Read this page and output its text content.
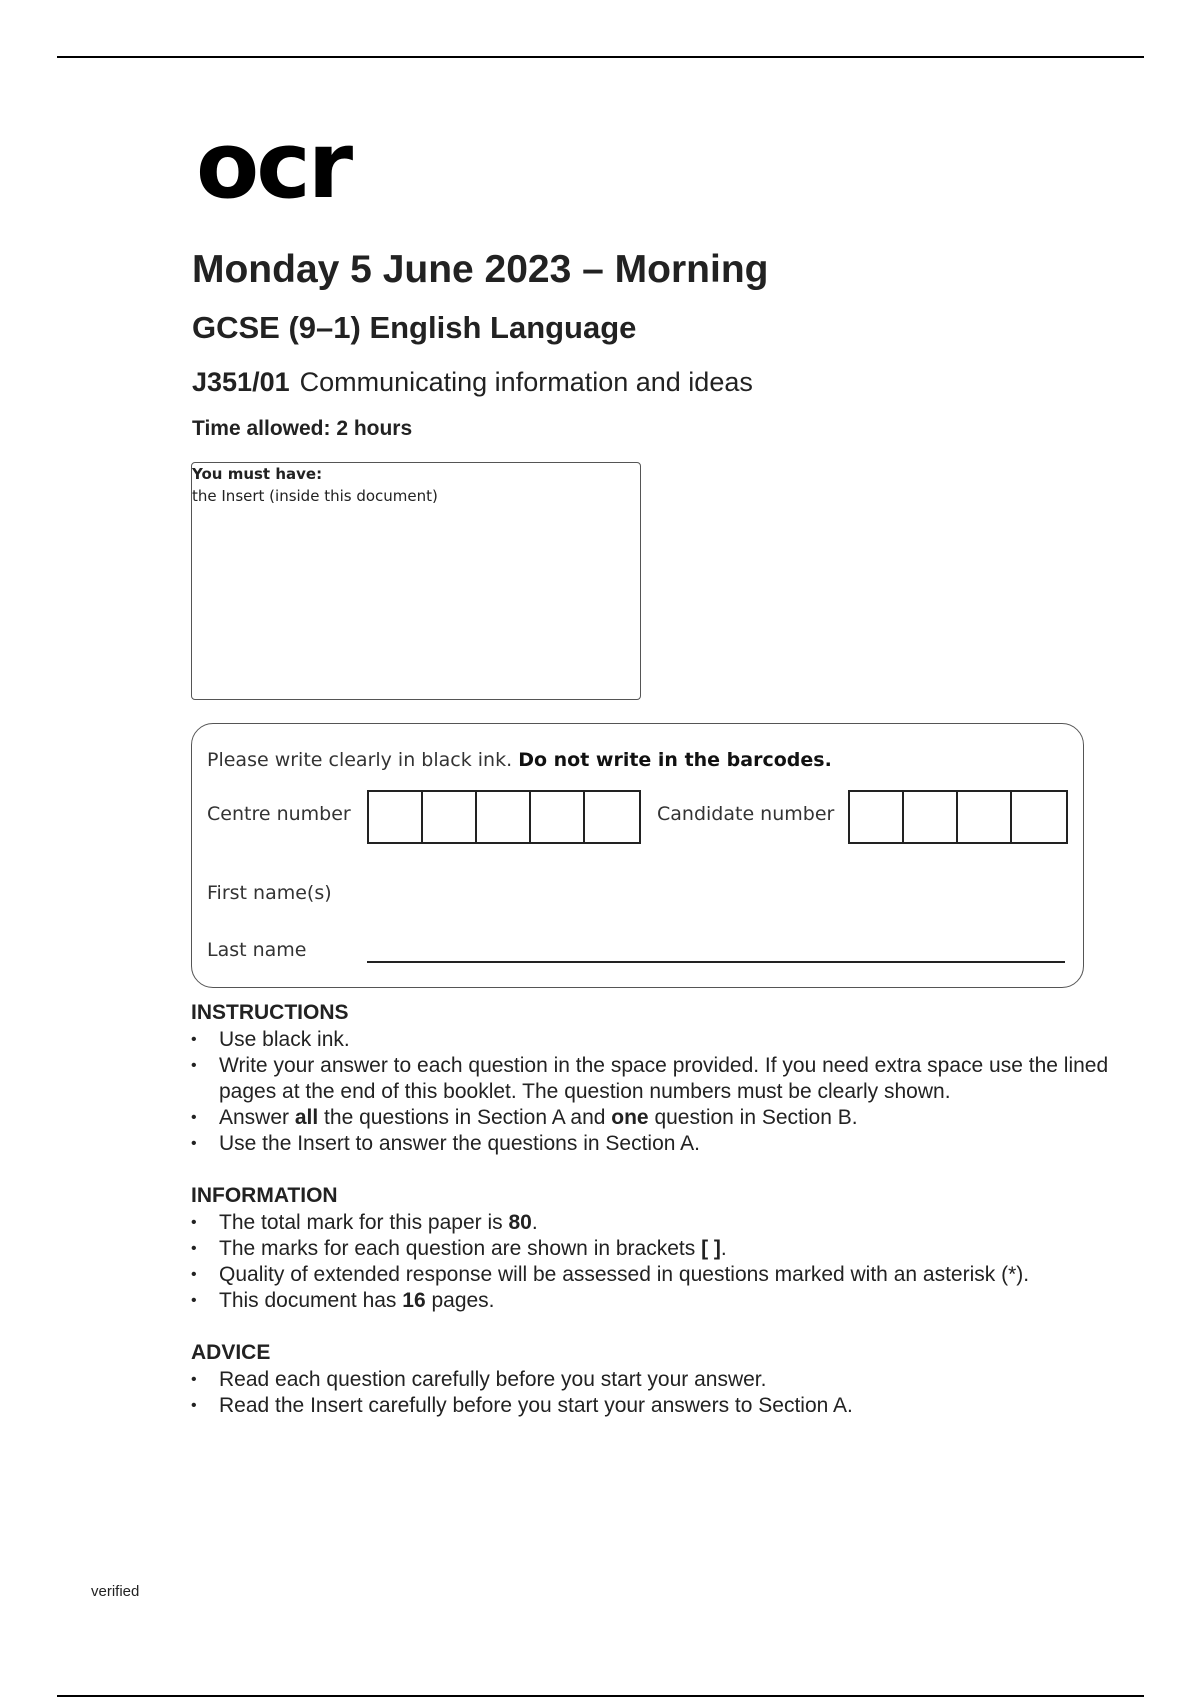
ocr
Monday 5 June 2023 – Morning
GCSE (9–1) English Language
J351/01 Communicating information and ideas
Time allowed: 2 hours
You must have:
the Insert (inside this document)
Please write clearly in black ink. Do not write in the barcodes.
Centre number	Candidate number
First name(s)
Last name
INSTRUCTIONS
• Use black ink.
• Write your answer to each question in the space provided. If you need extra space use the lined pages at the end of this booklet. The question numbers must be clearly shown.
• Answer all the questions in Section A and one question in Section B.
• Use the Insert to answer the questions in Section A.
INFORMATION
• The total mark for this paper is 80.
• The marks for each question are shown in brackets [ ].
• Quality of extended response will be assessed in questions marked with an asterisk (*).
• This document has 16 pages.
ADVICE
• Read each question carefully before you start your answer.
• Read the Insert carefully before you start your answers to Section A.
verified
